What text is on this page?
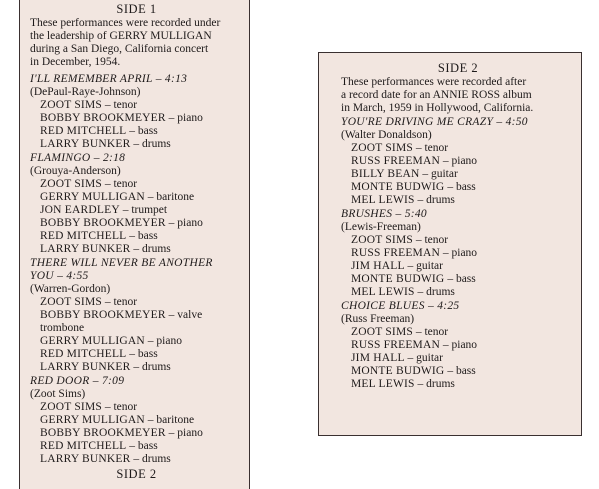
SIDE 1
These performances were recorded under
the leadership of GERRY MULLIGAN
during a San Diego, California concert
in December, 1954.
I'LL REMEMBER APRIL – 4:13
(DePaul-Raye-Johnson)
ZOOT SIMS – tenor
BOBBY BROOKMEYER – piano
RED MITCHELL – bass
LARRY BUNKER – drums
FLAMINGO – 2:18
(Grouya-Anderson)
ZOOT SIMS – tenor
GERRY MULLIGAN – baritone
JON EARDLEY – trumpet
BOBBY BROOKMEYER – piano
RED MITCHELL – bass
LARRY BUNKER – drums
THERE WILL NEVER BE ANOTHER
YOU – 4:55
(Warren-Gordon)
ZOOT SIMS – tenor
BOBBY BROOKMEYER – valve
trombone
GERRY MULLIGAN – piano
RED MITCHELL – bass
LARRY BUNKER – drums
RED DOOR – 7:09
(Zoot Sims)
ZOOT SIMS – tenor
GERRY MULLIGAN – baritone
BOBBY BROOKMEYER – piano
RED MITCHELL – bass
LARRY BUNKER – drums
SIDE 2
SIDE 2
These performances were recorded after
a record date for an ANNIE ROSS album
in March, 1959 in Hollywood, California.
YOU'RE DRIVING ME CRAZY – 4:50
(Walter Donaldson)
ZOOT SIMS – tenor
RUSS FREEMAN – piano
BILLY BEAN – guitar
MONTE BUDWIG – bass
MEL LEWIS – drums
BRUSHES – 5:40
(Lewis-Freeman)
ZOOT SIMS – tenor
RUSS FREEMAN – piano
JIM HALL – guitar
MONTE BUDWIG – bass
MEL LEWIS – drums
CHOICE BLUES – 4:25
(Russ Freeman)
ZOOT SIMS – tenor
RUSS FREEMAN – piano
JIM HALL – guitar
MONTE BUDWIG – bass
MEL LEWIS – drums
